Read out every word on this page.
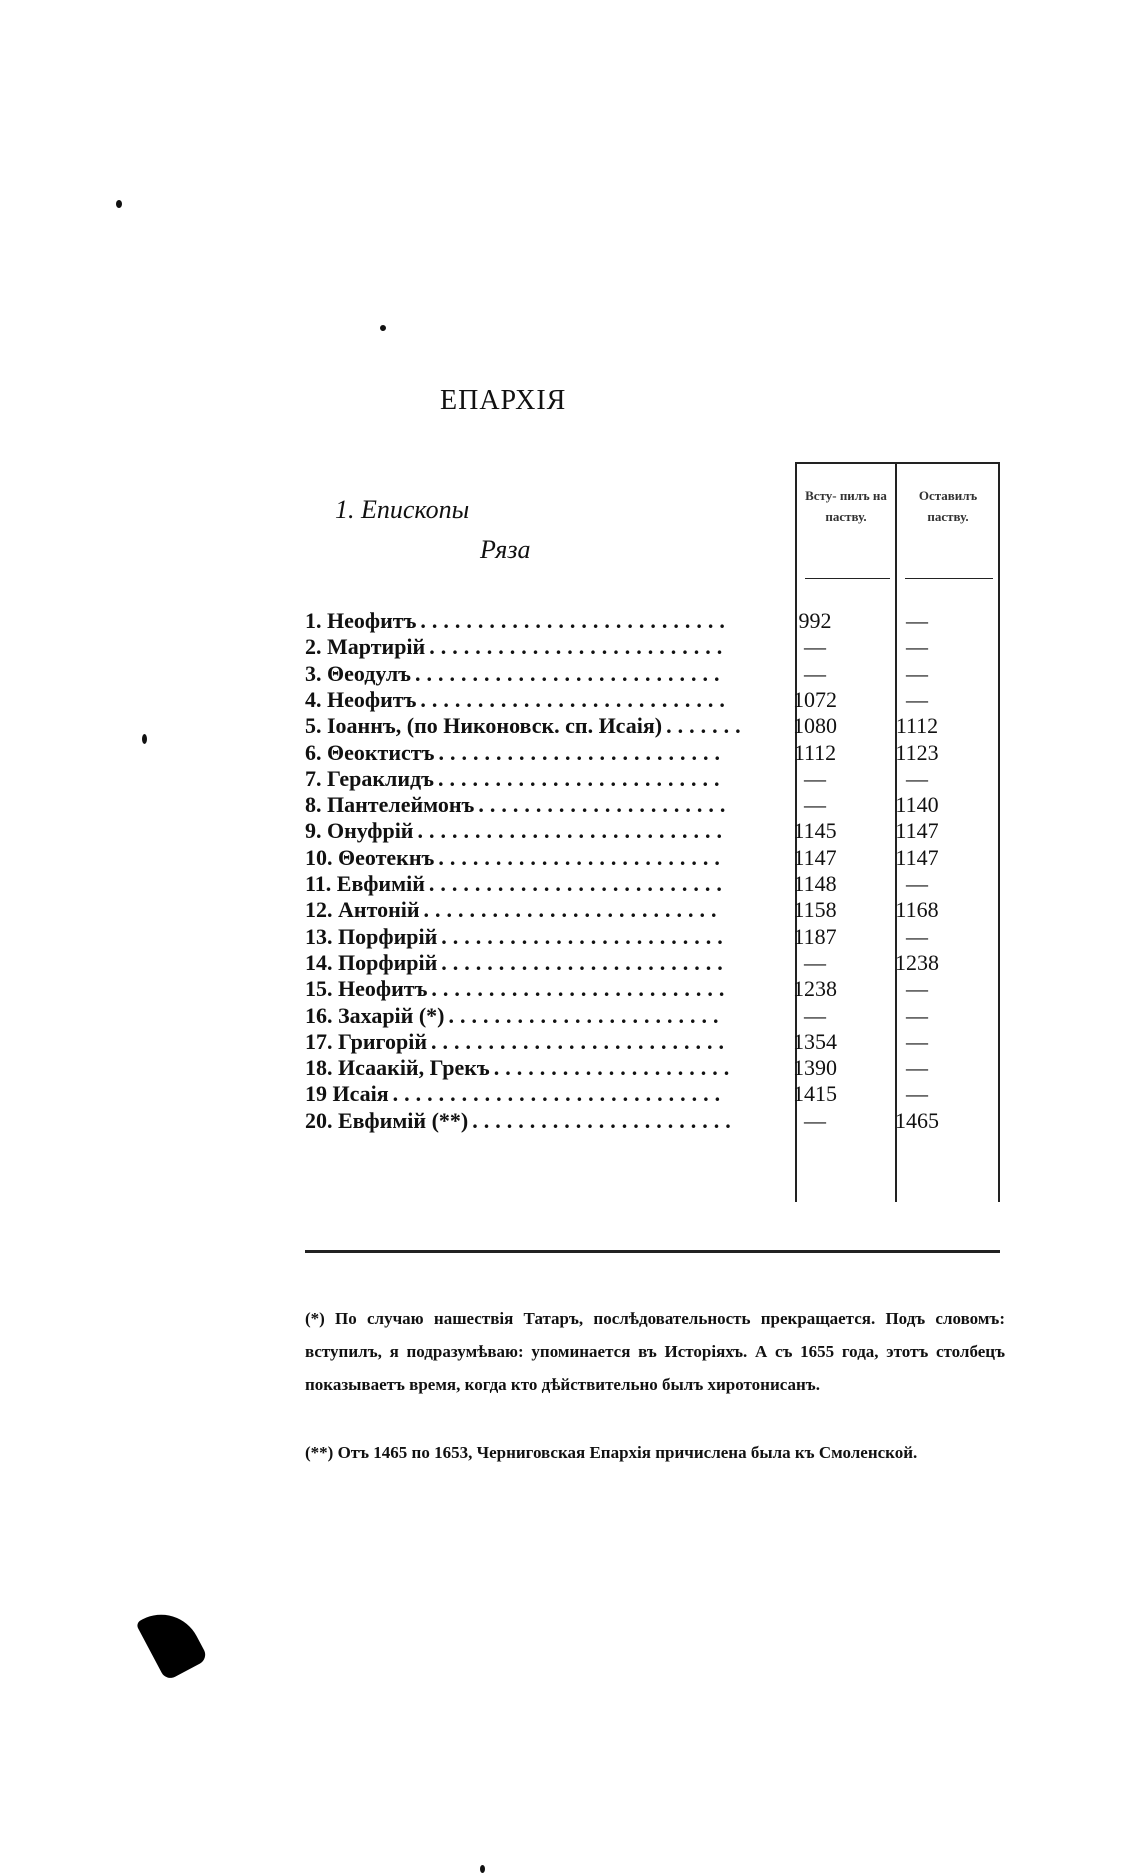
ЕПАРХІЯ
1. Епископы
Ряза
Всту- пилъ на паству.
Оставилъ паству.
1. Неофитъ	992	—
...........................
2. Мартирій	—	—
..........................
3. Θеодулъ	—	—
...........................
4. Неофитъ	1072	—
...........................
5. Іоаннъ, (по Никоновск. сп. Исаія)	1080	1112
.......
6. Θеоктистъ	1112	1123
.........................
7. Гераклидъ	—	—
.........................
8. Пантелеймонъ	—	1140
......................
9. Онуфрій	1145	1147
...........................
10. Θеотекнъ	1147	1147
.........................
11. Евфимій	1148	—
..........................
12. Антоній	1158	1168
..........................
13. Порфирій	1187	—
.........................
14. Порфирій	—	1238
.........................
15. Неофитъ	1238	—
..........................
16. Захарій (*)	—	—
........................
17. Григорій	1354	—
..........................
18. Исаакій, Грекъ	1390	—
.....................
19 Исаія	1415	—
.............................
20. Евфимій (**)	—	1465
.......................
(*) По случаю нашествія Татаръ, послѣдовательность прекращается. Подъ словомъ: вступилъ, я подразумѣваю: упоминается въ Исторіяхъ. А съ 1655 года, этотъ столбецъ показываетъ время, когда кто дѣйствительно былъ хиротонисанъ.
(**) Отъ 1465 по 1653, Черниговская Епархія причислена была къ Смоленской.
